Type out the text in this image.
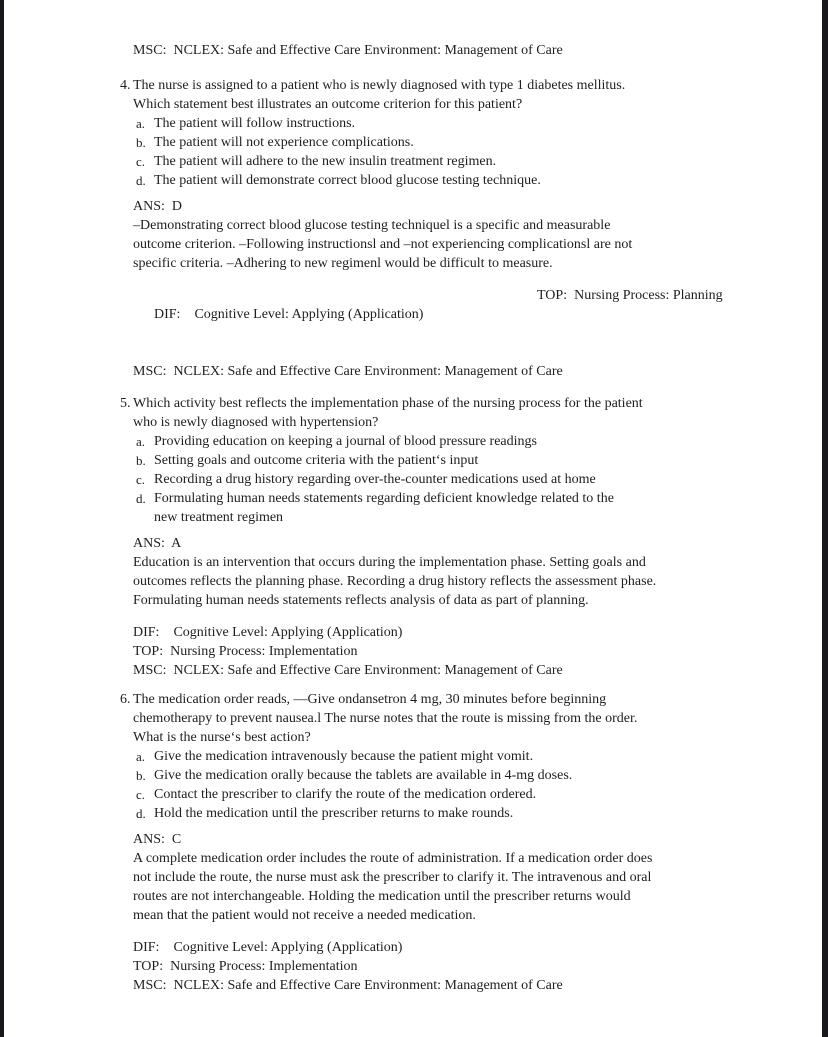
MSC:  NCLEX: Safe and Effective Care Environment: Management of Care
4. The nurse is assigned to a patient who is newly diagnosed with type 1 diabetes mellitus.
Which statement best illustrates an outcome criterion for this patient?
a. The patient will follow instructions.
b. The patient will not experience complications.
c. The patient will adhere to the new insulin treatment regimen.
d. The patient will demonstrate correct blood glucose testing technique.
ANS:  D
–Demonstrating correct blood glucose testing techniquel is a specific and measurable
outcome criterion. –Following instructionsl and –not experiencing complicationsl are not
specific criteria. –Adhering to new regimenl would be difficult to measure.

DIF:    Cognitive Level: Applying (Application)

TOP:  Nursing Process: Planning

MSC:  NCLEX: Safe and Effective Care Environment: Management of Care
5. Which activity best reflects the implementation phase of the nursing process for the patient
who is newly diagnosed with hypertension?
a. Providing education on keeping a journal of blood pressure readings
b. Setting goals and outcome criteria with the patient‘s input
c. Recording a drug history regarding over-the-counter medications used at home
d. Formulating human needs statements regarding deficient knowledge related to the
new treatment regimen
ANS:  A
Education is an intervention that occurs during the implementation phase. Setting goals and
outcomes reflects the planning phase. Recording a drug history reflects the assessment phase.
Formulating human needs statements reflects analysis of data as part of planning.
DIF:    Cognitive Level: Applying (Application)
TOP:  Nursing Process: Implementation
MSC:  NCLEX: Safe and Effective Care Environment: Management of Care
6. The medication order reads, —Give ondansetron 4 mg, 30 minutes before beginning
chemotherapy to prevent nausea.l The nurse notes that the route is missing from the order.
What is the nurse‘s best action?
a. Give the medication intravenously because the patient might vomit.
b. Give the medication orally because the tablets are available in 4-mg doses.
c. Contact the prescriber to clarify the route of the medication ordered.
d. Hold the medication until the prescriber returns to make rounds.
ANS:  C
A complete medication order includes the route of administration. If a medication order does
not include the route, the nurse must ask the prescriber to clarify it. The intravenous and oral
routes are not interchangeable. Holding the medication until the prescriber returns would
mean that the patient would not receive a needed medication.
DIF:    Cognitive Level: Applying (Application)
TOP:  Nursing Process: Implementation
MSC:  NCLEX: Safe and Effective Care Environment: Management of Care
